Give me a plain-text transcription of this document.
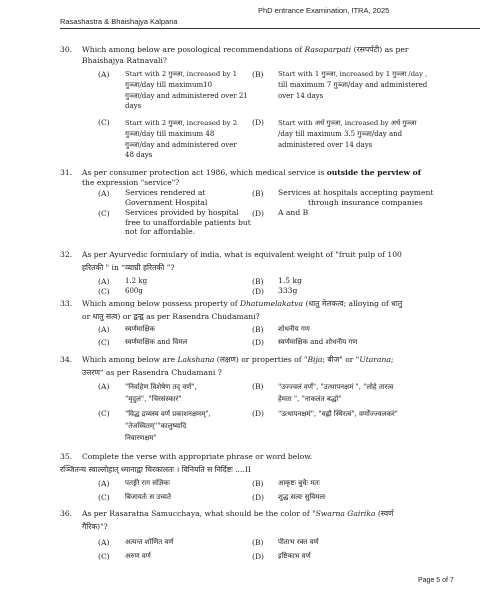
PhD entrance Examination, ITRA, 2025
Rasashastra & Bhaishajya Kalpana
30. Which among below are posological recommendations of Rasaparpati (रसपर्पटी) as per
Bhaishajya Ratnavali?
(A) Start with 2 गुञ्जा, increased by 1
गुञ्जा/day till maximum10
गुञ्जा/day and administered over 21
days
(B) Start with 1 गुञ्जा, increased by 1 गुञ्जा /day ,
till maximum 7 गुञ्जा/day and administered
over 14 days
(C) Start with 2 गुञ्जा, increased by 2
गुञ्जा/day till maximum 48
गुञ्जा/day and administered over
48 days
(D) Start with अर्ध गुञ्जा, increased by अर्ध गुञ्जा
/day till maximum 3.5 गुञ्जा/day and
administered over 14 days
31. As per consumer protection act 1986, which medical service is outside the perview of
the expression "service"?
(A) Services rendered at
Government Hospital
(B) Services at hospitals accepting payment
through insurance companies
(C) Services provided by hospital
free to unaffordable patients but
not for affordable.
(D) A and B
32. As per Ayurvedic formulary of india, what is equivalent weight of "fruit pulp of 100
हरितकी " in “व्याघ्री हरितकी ”?
(A) 1.2 kg	(B) 1.5 kg
(C) 600g	(D) 333g
33. Which among below possess property of Dhatumelakatva (धातु मेलकत्व; alloying of धातु
or धातु सत्व) or द्वन्द्व as per Rasendra Chudamani?
(A) स्वर्णमाक्षिक	(B) शोधनीय गण
(C) स्वर्णमाक्षिक and विमल	(D) स्वर्णमाक्षिक and शोधनीय गण
34. Which among below are Lakshana (लक्षण) or properties of "Bija; बीज" or "Utarana;
उत्तरण" as per Rasendra Chudamani ?
(A) "निर्वाहेण विशेषेण तद् वर्णं",
"मृदुलं", "चिरसंस्कारं"
(B) "उज्ज्वलं वर्णं", "उत्थापनक्षमं ", "लोहे तारत्व
हेमता ", "नाकलंत बद्धो"
(C) "विद्ध द्रव्यस्य वर्णं प्रकाशनक्षमम्",
"तेजस्वितम्""कालुष्यादि
निवारणक्षम"
(D) "उत्थापनक्षमं", "वह्नौ स्थिरत्वं", वर्णोज्ज्वलकरं"
35. Complete the verse with appropriate phrase or word below.
रञ्जितन्च स्वाल्लोहात् ध्मानाद्वा चिरकालतः । विनियति स निर्दिष्टः ....II
(A) पतङ्गी राग संज्ञिकः	(B) आकृष्टः बुधैः मतः
(C) बिजावर्तः स उच्यते	(D) शुद्ध सत्वः सुविमलः
36. As per Rasaratna Samucchaya, what should be the color of "Swarna Gairika (स्वर्ण
गैरिक)"?
(A) अत्यन्त शोणित वर्ण	(B) पीताभ रक्त वर्ण
(C) अरुण वर्ण	(D) इष्टिकाभ वर्ण
Page 5 of 7
